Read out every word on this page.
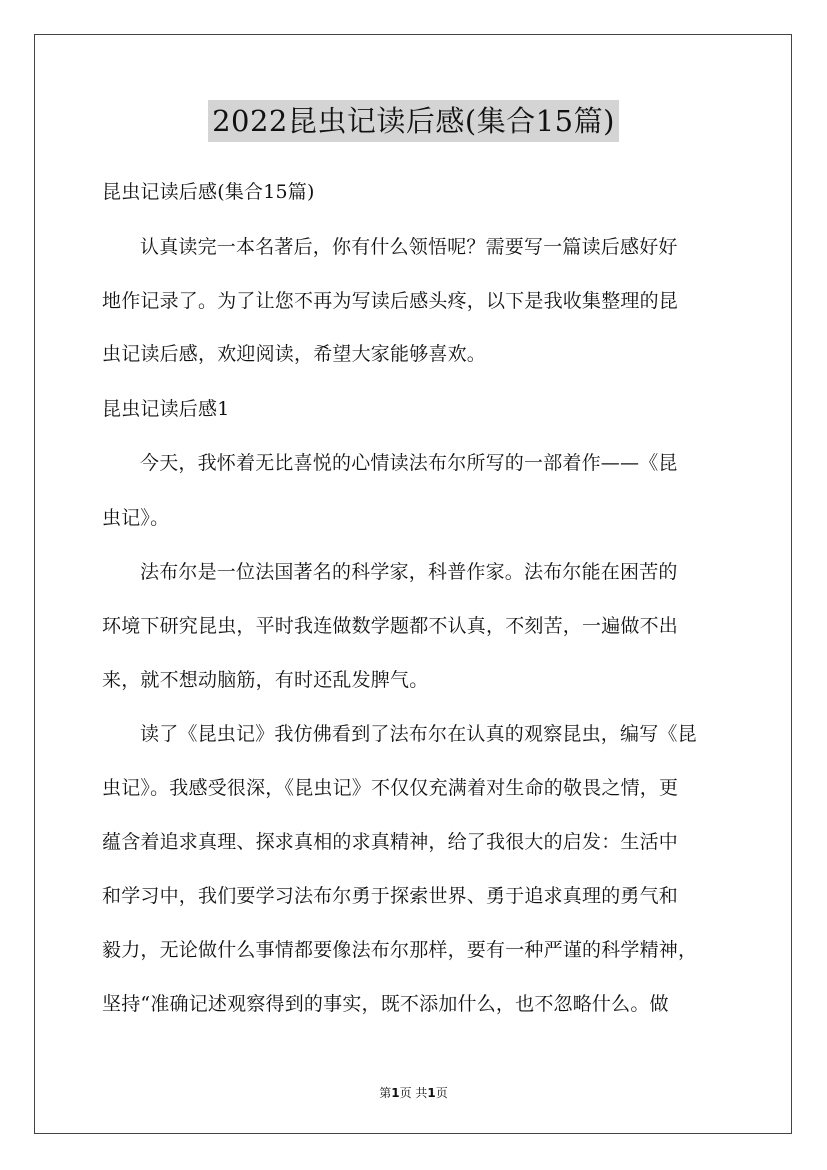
2022昆虫记读后感(集合15篇)
昆虫记读后感(集合15篇)
认真读完一本名著后，你有什么领悟呢？需要写一篇读后感好好
地作记录了。为了让您不再为写读后感头疼，以下是我收集整理的昆
虫记读后感，欢迎阅读，希望大家能够喜欢。
昆虫记读后感1
今天，我怀着无比喜悦的心情读法布尔所写的一部着作——《昆
虫记》。
法布尔是一位法国著名的科学家，科普作家。法布尔能在困苦的
环境下研究昆虫，平时我连做数学题都不认真，不刻苦，一遍做不出
来，就不想动脑筋，有时还乱发脾气。
读了《昆虫记》我仿佛看到了法布尔在认真的观察昆虫，编写《昆
虫记》。我感受很深，《昆虫记》不仅仅充满着对生命的敬畏之情，更
蕴含着追求真理、探求真相的求真精神，给了我很大的启发：生活中
和学习中，我们要学习法布尔勇于探索世界、勇于追求真理的勇气和
毅力，无论做什么事情都要像法布尔那样，要有一种严谨的科学精神，
坚持“准确记述观察得到的事实，既不添加什么，也不忽略什么。做
第1页 共1页
